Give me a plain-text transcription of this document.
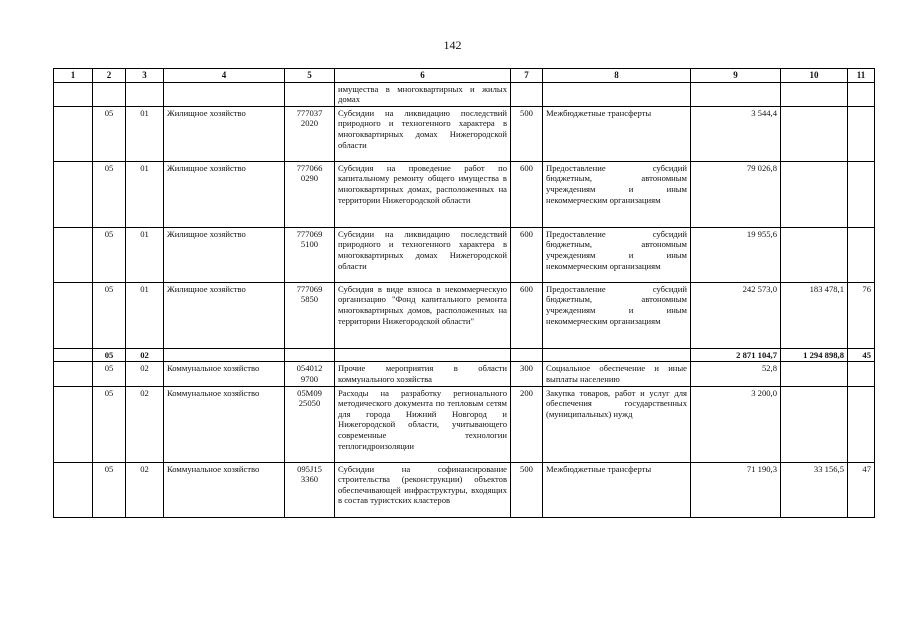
142
1	2	3	4	5	6	7	8	9	10	11
					имущества в многоквартирных и жилых домах					
	05	01	Жилищное хозяйство	777037 2020	Субсидии на ликвидацию последствий природного и техногенного характера в многоквартирных домах Нижегородской области	500	Межбюджетные трансферты	3 544,4		
	05	01	Жилищное хозяйство	777066 0290	Субсидия на проведение работ по капитальному ремонту общего имущества в многоквартирных домах, расположенных на территории Нижегородской области	600	Предоставление субсидий бюджетным, автономным учреждениям и иным некоммерческим организациям	79 026,8		
	05	01	Жилищное хозяйство	777069 5100	Субсидии на ликвидацию последствий природного и техногенного характера в многоквартирных домах Нижегородской области	600	Предоставление субсидий бюджетным, автономным учреждениям и иным некоммерческим организациям	19 955,6		
	05	01	Жилищное хозяйство	777069 5850	Субсидия в виде взноса в некоммерческую организацию "Фонд капитального ремонта многоквартирных домов, расположенных на территории Нижегородской области"	600	Предоставление субсидий бюджетным, автономным учреждениям и иным некоммерческим организациям	242 573,0	183 478,1	76
	05	02						2 871 104,7	1 294 898,8	45
	05	02	Коммунальное хозяйство	054012 9700	Прочие мероприятия в области коммунального хозяйства	300	Социальное обеспечение и иные выплаты населению	52,8		
	05	02	Коммунальное хозяйство	05М09 25050	Расходы на разработку регионального методического документа по тепловым сетям для города Нижний Новгород и Нижегородской области, учитывающего современные технологии теплогидроизоляции	200	Закупка товаров, работ и услуг для обеспечения государственных (муниципальных) нужд	3 200,0		
	05	02	Коммунальное хозяйство	095J15 3360	Субсидии на софинансирование строительства (реконструкции) объектов обеспечивающей инфраструктуры, входящих в состав туристских кластеров	500	Межбюджетные трансферты	71 190,3	33 156,5	47
